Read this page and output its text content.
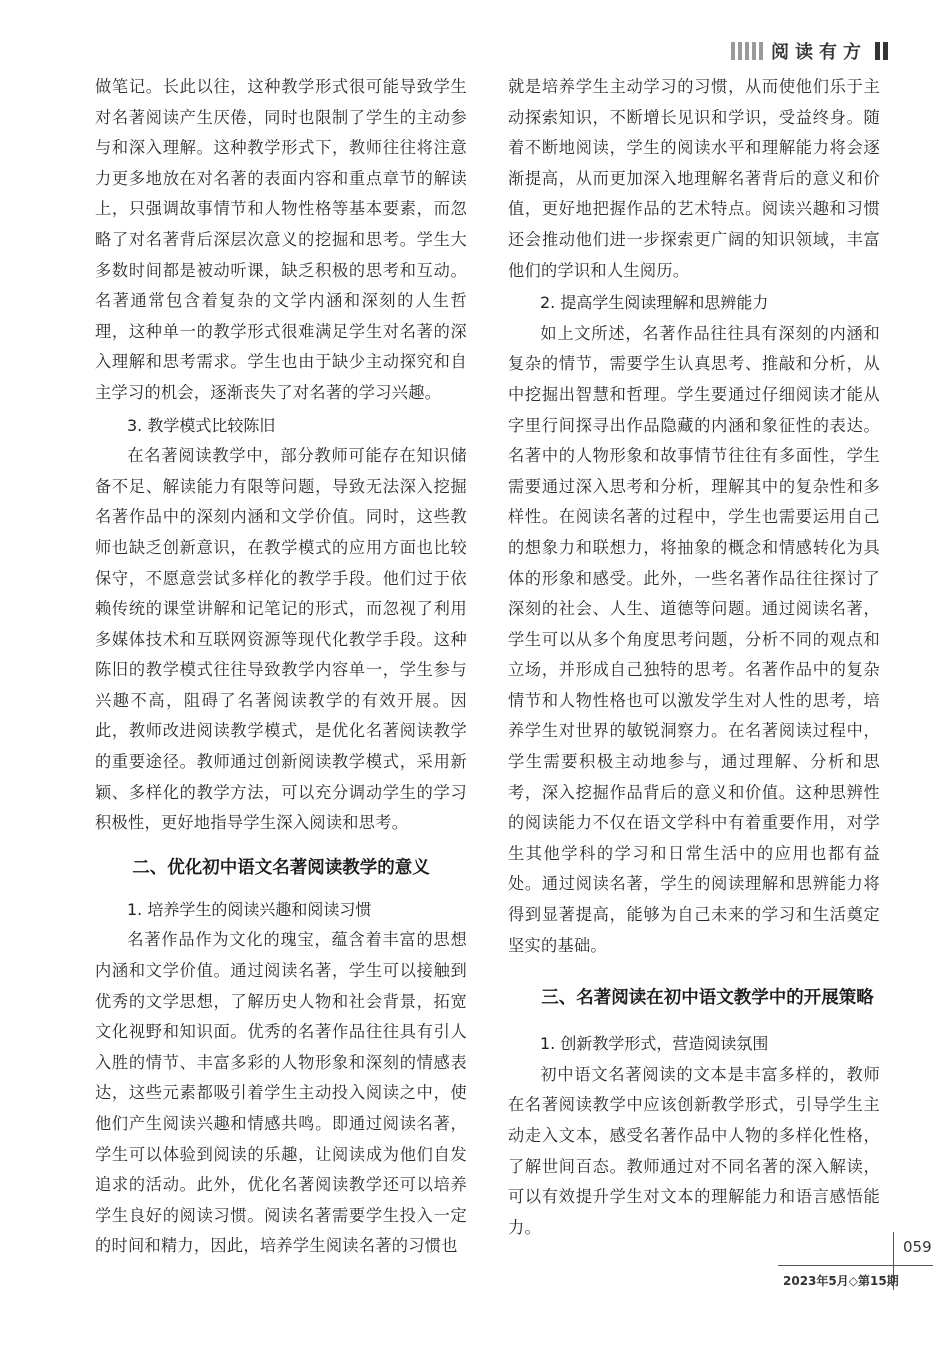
阅读有方

做笔记。长此以往，这种教学形式很可能导致学生对名著阅读产生厌倦，同时也限制了学生的主动参与和深入理解。这种教学形式下，教师往往将注意力更多地放在对名著的表面内容和重点章节的解读上，只强调故事情节和人物性格等基本要素，而忽略了对名著背后深层次意义的挖掘和思考。学生大多数时间都是被动听课，缺乏积极的思考和互动。名著通常包含着复杂的文学内涵和深刻的人生哲理，这种单一的教学形式很难满足学生对名著的深入理解和思考需求。学生也由于缺少主动探究和自主学习的机会，逐渐丧失了对名著的学习兴趣。

3. 教学模式比较陈旧

在名著阅读教学中，部分教师可能存在知识储备不足、解读能力有限等问题，导致无法深入挖掘名著作品中的深刻内涵和文学价值。同时，这些教师也缺乏创新意识，在教学模式的应用方面也比较保守，不愿意尝试多样化的教学手段。他们过于依赖传统的课堂讲解和记笔记的形式，而忽视了利用多媒体技术和互联网资源等现代化教学手段。这种陈旧的教学模式往往导致教学内容单一，学生参与兴趣不高，阻碍了名著阅读教学的有效开展。因此，教师改进阅读教学模式，是优化名著阅读教学的重要途径。教师通过创新阅读教学模式，采用新颖、多样化的教学方法，可以充分调动学生的学习积极性，更好地指导学生深入阅读和思考。

二、优化初中语文名著阅读教学的意义
1. 培养学生的阅读兴趣和阅读习惯

名著作品作为文化的瑰宝，蕴含着丰富的思想内涵和文学价值。通过阅读名著，学生可以接触到优秀的文学思想，了解历史人物和社会背景，拓宽文化视野和知识面。优秀的名著作品往往具有引人入胜的情节、丰富多彩的人物形象和深刻的情感表达，这些元素都吸引着学生主动投入阅读之中，使他们产生阅读兴趣和情感共鸣。即通过阅读名著，学生可以体验到阅读的乐趣，让阅读成为他们自发追求的活动。此外，优化名著阅读教学还可以培养学生良好的阅读习惯。阅读名著需要学生投入一定的时间和精力，因此，培养学生阅读名著的习惯也

就是培养学生主动学习的习惯，从而使他们乐于主动探索知识，不断增长见识和学识，受益终身。随着不断地阅读，学生的阅读水平和理解能力将会逐渐提高，从而更加深入地理解名著背后的意义和价值，更好地把握作品的艺术特点。阅读兴趣和习惯还会推动他们进一步探索更广阔的知识领域，丰富他们的学识和人生阅历。

2. 提高学生阅读理解和思辨能力

如上文所述，名著作品往往具有深刻的内涵和复杂的情节，需要学生认真思考、推敲和分析，从中挖掘出智慧和哲理。学生要通过仔细阅读才能从字里行间探寻出作品隐藏的内涵和象征性的表达。名著中的人物形象和故事情节往往有多面性，学生需要通过深入思考和分析，理解其中的复杂性和多样性。在阅读名著的过程中，学生也需要运用自己的想象力和联想力，将抽象的概念和情感转化为具体的形象和感受。此外，一些名著作品往往探讨了深刻的社会、人生、道德等问题。通过阅读名著，学生可以从多个角度思考问题，分析不同的观点和立场，并形成自己独特的思考。名著作品中的复杂情节和人物性格也可以激发学生对人性的思考，培养学生对世界的敏锐洞察力。在名著阅读过程中，学生需要积极主动地参与，通过理解、分析和思考，深入挖掘作品背后的意义和价值。这种思辨性的阅读能力不仅在语文学科中有着重要作用，对学生其他学科的学习和日常生活中的应用也都有益处。通过阅读名著，学生的阅读理解和思辨能力将得到显著提高，能够为自己未来的学习和生活奠定坚实的基础。

三、名著阅读在初中语文教学中的开展策略
1. 创新教学形式，营造阅读氛围

初中语文名著阅读的文本是丰富多样的，教师在名著阅读教学中应该创新教学形式，引导学生主动走入文本，感受名著作品中人物的多样化性格，了解世间百态。教师通过对不同名著的深入解读，可以有效提升学生对文本的理解能力和语言感悟能力。

059
2023年5月◇第15期
